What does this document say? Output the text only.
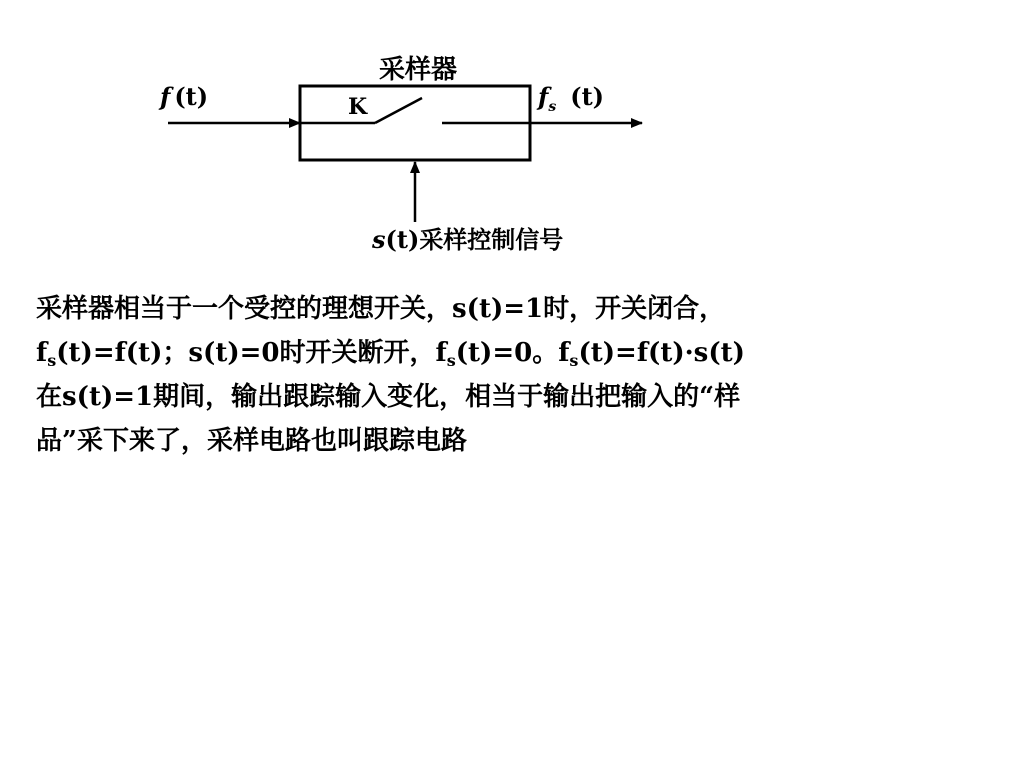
采样器
K
f (t)	$f_s$ (t)
s(t)采样控制信号

采样器相当于一个受控的理想开关，s(t)=1时，开关闭合，

$f_s(t)=f(t)$；s(t)=0时开关断开，$f_s(t)=0$。$f_s(t)=f(t)\cdot s(t)$

在s(t)=1期间，输出跟踪输入变化，相当于输出把输入的“样

品”采下来了，采样电路也叫跟踪电路
